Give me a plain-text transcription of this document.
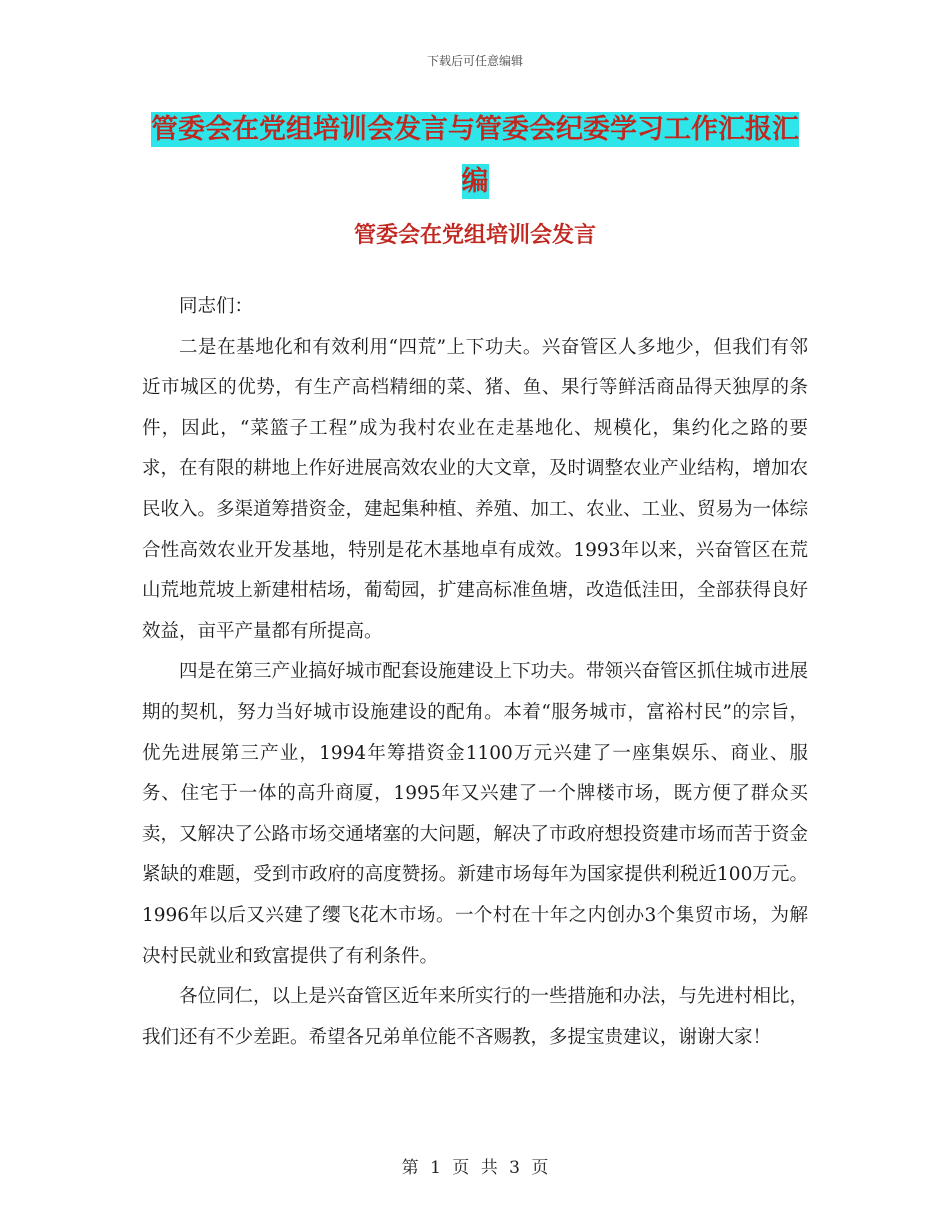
下载后可任意编辑
管委会在党组培训会发言与管委会纪委学习工作汇报汇编
管委会在党组培训会发言

同志们：

二是在基地化和有效利用“四荒”上下功夫。兴奋管区人多地少，但我们有邻近市城区的优势，有生产高档精细的菜、猪、鱼、果行等鲜活商品得天独厚的条件，因此，“菜篮子工程”成为我村农业在走基地化、规模化，集约化之路的要求，在有限的耕地上作好进展高效农业的大文章，及时调整农业产业结构，增加农民收入。多渠道筹措资金，建起集种植、养殖、加工、农业、工业、贸易为一体综合性高效农业开发基地，特别是花木基地卓有成效。1993年以来，兴奋管区在荒山荒地荒坡上新建柑桔场，葡萄园，扩建高标准鱼塘，改造低洼田，全部获得良好效益，亩平产量都有所提高。

四是在第三产业搞好城市配套设施建设上下功夫。带领兴奋管区抓住城市进展期的契机，努力当好城市设施建设的配角。本着“服务城市，富裕村民”的宗旨，优先进展第三产业，1994年筹措资金1100万元兴建了一座集娱乐、商业、服务、住宅于一体的高升商厦，1995年又兴建了一个牌楼市场，既方便了群众买卖，又解决了公路市场交通堵塞的大问题，解决了市政府想投资建市场而苦于资金紧缺的难题，受到市政府的高度赞扬。新建市场每年为国家提供利税近100万元。1996年以后又兴建了缨飞花木市场。一个村在十年之内创办3个集贸市场，为解决村民就业和致富提供了有利条件。

各位同仁，以上是兴奋管区近年来所实行的一些措施和办法，与先进村相比，我们还有不少差距。希望各兄弟单位能不吝赐教，多提宝贵建议，谢谢大家！

第 1 页 共 3 页
